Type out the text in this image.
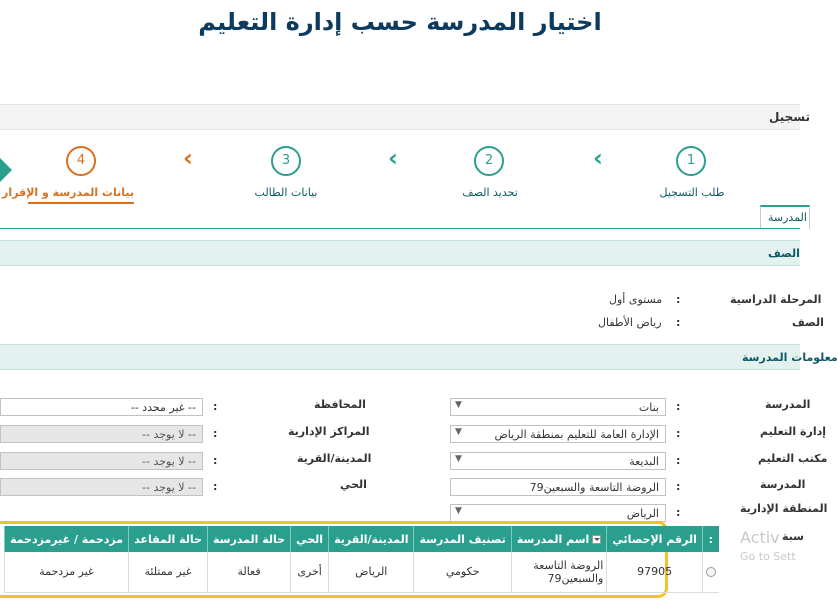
اختيار المدرسة حسب إدارة التعليم
تسجيل
1
طلب التسجيل
‹
2
تحديد الصف
‹
3
بيانات الطالب
‹
4
بيانات المدرسة و الإقرار
المدرسة
الصف
المرحلة الدراسية
:
مستوى أول
الصف
:
رياض الأطفال
معلومات المدرسة
المدرسة
:
بنات
▼
إدارة التعليم
:
الإدارة العامة للتعليم بمنطقة الرياض
▼
مكتب التعليم
:
البديعة
▼
المدرسة
:
الروضة التاسعة والسبعين79
المنطقة الإدارية
:
الرياض
▼
المحافظة
:
-- غير محدد --
المراكز الإدارية
:
-- لا يوجد --
المدينة/القرية
:
-- لا يوجد --
الحي
:
-- لا يوجد --
سبة
:	الرقم الإحصائي	اسم المدرسة	تصنيف المدرسة	المدينة/القرية	الحي	حالة المدرسة	حالة المقاعد	مزدحمة / غيرمزدحمة
	97905	الروضة التاسعة والسبعين79	حكومي	الرياض	أخرى	فعالة	غير ممتلئة	غير مزدحمة
Activ
Go to Sett
